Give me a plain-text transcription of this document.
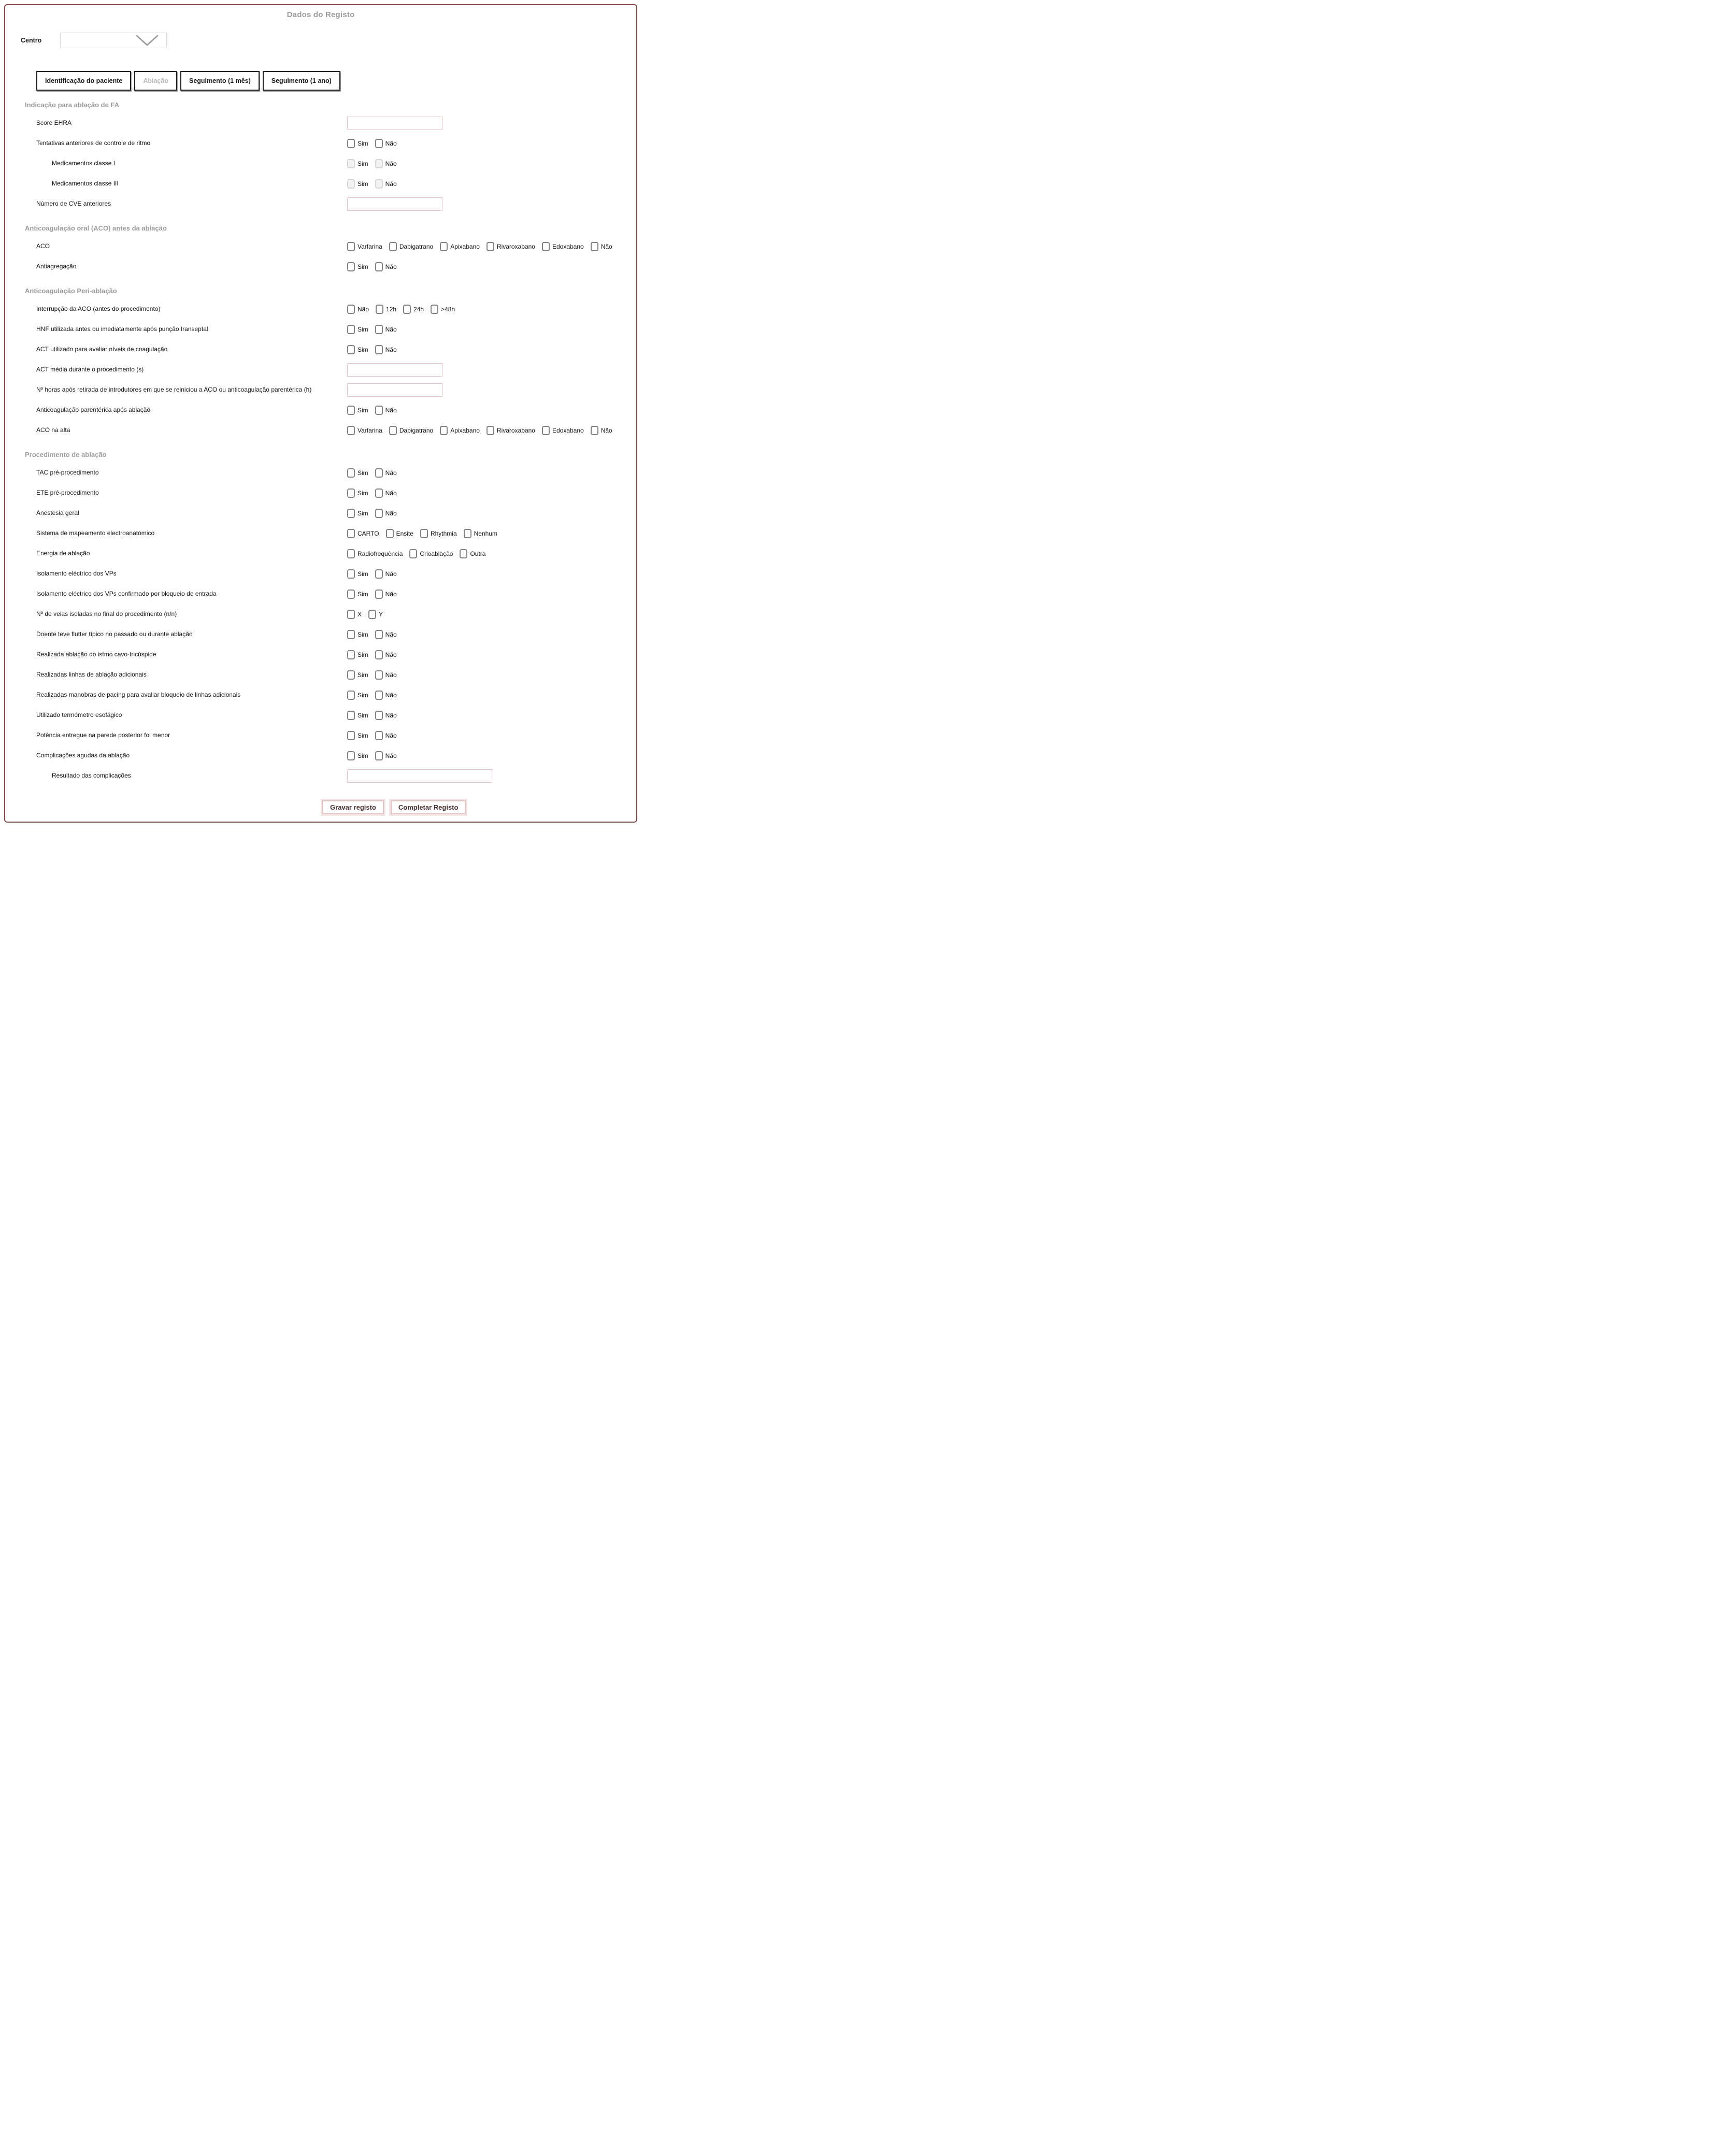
Dados do Registo
Centro
Identificação do paciente	Ablação	Seguimento (1 mês)	Seguimento (1 ano)
Indicação para ablação de FA
Score EHRA
Tentativas anteriores de controle de ritmo	Sim	Não
Medicamentos classe I	Sim	Não
Medicamentos classe III	Sim	Não
Número de CVE anteriores
Anticoagulação oral (ACO) antes da ablação
ACO	Varfarina	Dabigatrano	Apixabano	Rivaroxabano	Edoxabano	Não
Antiagregação	Sim	Não
Anticoagulação Peri-ablação
Interrupção da ACO (antes do procedimento)	Não	12h	24h	>48h
HNF utilizada antes ou imediatamente após punção transeptal	Sim	Não
ACT utilizado para avaliar níveis de coagulação	Sim	Não
ACT média durante o procedimento (s)
Nº horas após retirada de introdutores em que se reiniciou a ACO ou anticoagulação parentérica (h)
Anticoagulação parentérica após ablação	Sim	Não
ACO na alta	Varfarina	Dabigatrano	Apixabano	Rivaroxabano	Edoxabano	Não
Procedimento de ablação
TAC pré-procedimento	Sim	Não
ETE pré-procedimento	Sim	Não
Anestesia geral	Sim	Não
Sistema de mapeamento electroanatómico	CARTO	Ensite	Rhythmia	Nenhum
Energia de ablação	Radiofrequência	Crioablação	Outra
Isolamento eléctrico dos VPs	Sim	Não
Isolamento eléctrico dos VPs confirmado por bloqueio de entrada	Sim	Não
Nº de veias isoladas no final do procedimento (n/n)	X	Y
Doente teve flutter típico no passado ou durante ablação	Sim	Não
Realizada ablação do istmo cavo-tricúspide	Sim	Não
Realizadas linhas de ablação adicionais	Sim	Não
Realizadas manobras de pacing para avaliar bloqueio de linhas adicionais	Sim	Não
Utilizado termómetro esofágico	Sim	Não
Potência entregue na parede posterior foi menor	Sim	Não
Complicações agudas da ablação	Sim	Não
Resultado das complicações
Gravar registo	Completar Registo
